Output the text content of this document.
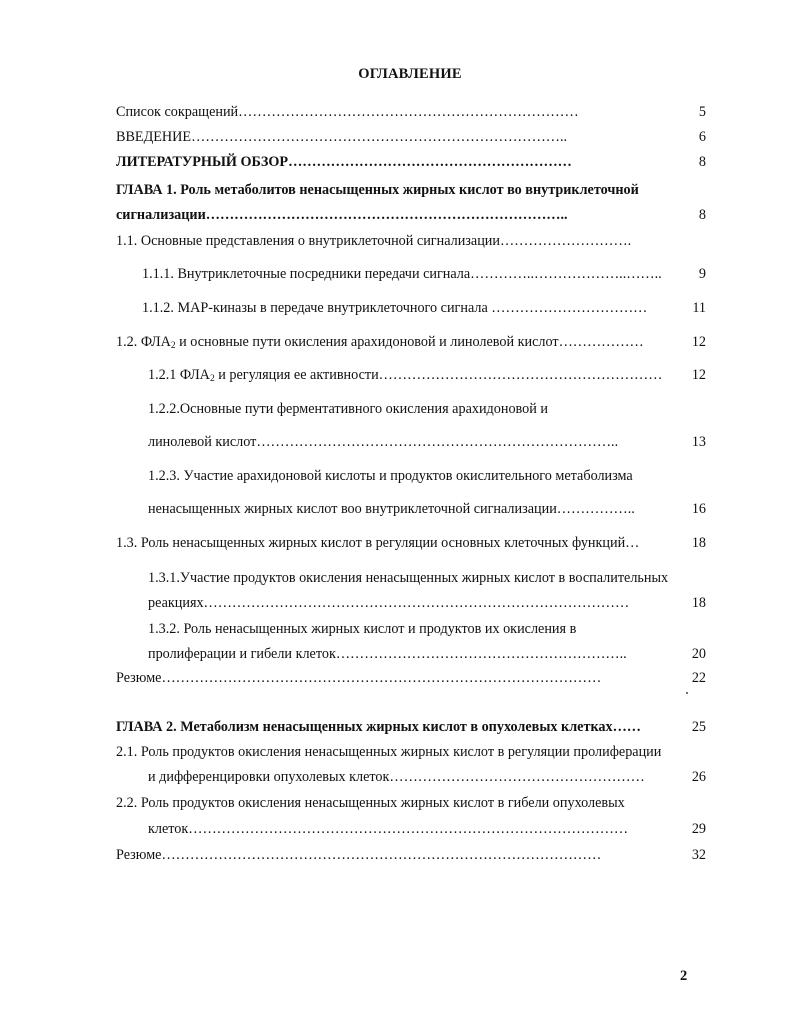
ОГЛАВЛЕНИЕ
Список сокращений………………………………………………………………	5
ВВЕДЕНИЕ……………………………………………………………………..	6
ЛИТЕРАТУРНЫЙ ОБЗОР……………………………………………………	8
ГЛАВА 1. Роль метаболитов ненасыщенных жирных кислот во внутриклеточной
сигнализации…………………………………………………………………..	8
1.1. Основные представления о внутриклеточной сигнализации……………………….
1.1.1. Внутриклеточные посредники передачи сигнала…………..………………..……..	9
1.1.2. МАР-киназы в передаче внутриклеточного сигнала ……………………………	11
1.2. $ФЛА_2$ и основные пути окисления арахидоновой и линолевой кислот………………	12
1.2.1 $ФЛА_2$ и регуляция ее активности……………………………………………………	12
1.2.2.Основные пути ферментативного окисления арахидоновой и
линолевой кислот…………………………………………………………………..	13
1.2.3. Участие арахидоновой кислоты и продуктов окислительного метаболизма
ненасыщенных жирных кислот воо внутриклеточной сигнализации……………..	16
1.3. Роль ненасыщенных жирных кислот в регуляции основных клеточных функций…	18
1.3.1.Участие продуктов окисления ненасыщенных жирных кислот в воспалительных
реакциях………………………………………………………………………………	18
1.3.2. Роль ненасыщенных жирных кислот и продуктов их окисления в
пролиферации и гибели клеток……………………………………………………..	20
Резюме…………………………………………………………………………………	22
ГЛАВА 2. Метаболизм ненасыщенных жирных кислот в опухолевых клетках……	25
2.1. Роль продуктов окисления ненасыщенных жирных кислот в регуляции пролиферации
и дифференцировки опухолевых клеток………………………………………………	26
2.2. Роль продуктов окисления ненасыщенных жирных кислот в гибели опухолевых
клеток…………………………………………………………………………………	29
Резюме…………………………………………………………………………………	32
2
